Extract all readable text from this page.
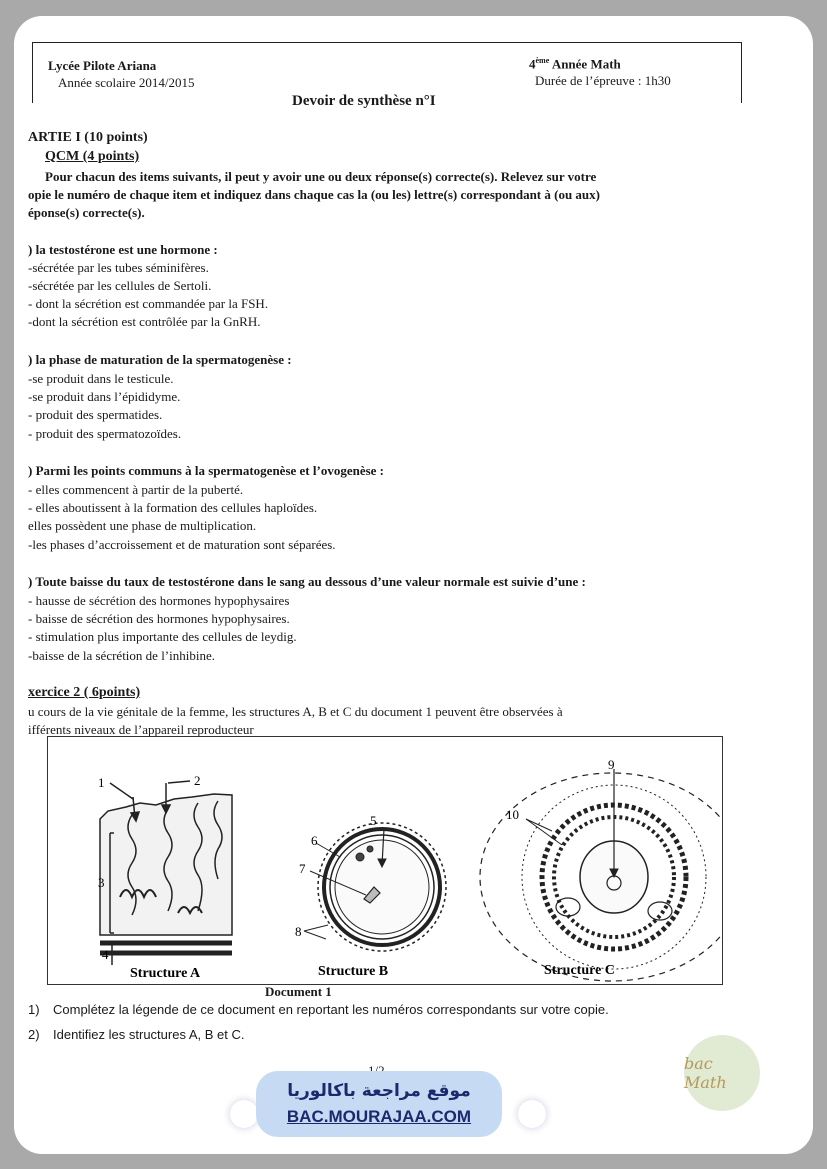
Lycée Pilote Ariana
Année scolaire 2014/2015
4ème Année Math
Durée de l’épreuve : 1h30
Devoir de synthèse n°I
ARTIE I (10 points)
QCM (4 points)
Pour chacun des items suivants, il peut y avoir une ou deux réponse(s) correcte(s). Relevez sur votre
opie le numéro de chaque item et indiquez dans chaque cas la (ou les) lettre(s) correspondant à (ou aux)
éponse(s) correcte(s).
) la testostérone est une hormone :
-sécrétée par les tubes séminifères.
-sécrétée par les cellules de Sertoli.
- dont la sécrétion est commandée par la FSH.
-dont la sécrétion est contrôlée par la GnRH.
) la phase de maturation de la spermatogenèse :
-se produit dans le testicule.
-se produit dans l’épididyme.
- produit des spermatides.
- produit des spermatozoïdes.
) Parmi les points communs à la spermatogenèse et l’ovogenèse :
- elles commencent à partir de la puberté.
- elles aboutissent à la formation des cellules haploïdes.
elles possèdent une phase de multiplication.
-les phases d’accroissement et de maturation sont séparées.
) Toute baisse du taux de testostérone dans le sang au dessous d’une valeur normale est suivie d’une :
- hausse de sécrétion des hormones hypophysaires
- baisse de sécrétion des hormones hypophysaires.
- stimulation plus importante des cellules de leydig.
-baisse de la sécrétion de l’inhibine.
xercice 2 ( 6points)
u cours de la vie génitale de la femme, les structures A, B et C du document 1 peuvent être observées à
ifférents niveaux de l’appareil reproducteur
1	2
3
4
5
6
7
8
9
10
Structure A	Structure B	Structure C
Document 1
1) Complétez la légende de ce document en reportant les numéros correspondants sur votre copie.
2) Identifiez les structures A, B et C.
موقع مراجعة باكالوريا
BAC.MOURAJAA.COM
bac Math
